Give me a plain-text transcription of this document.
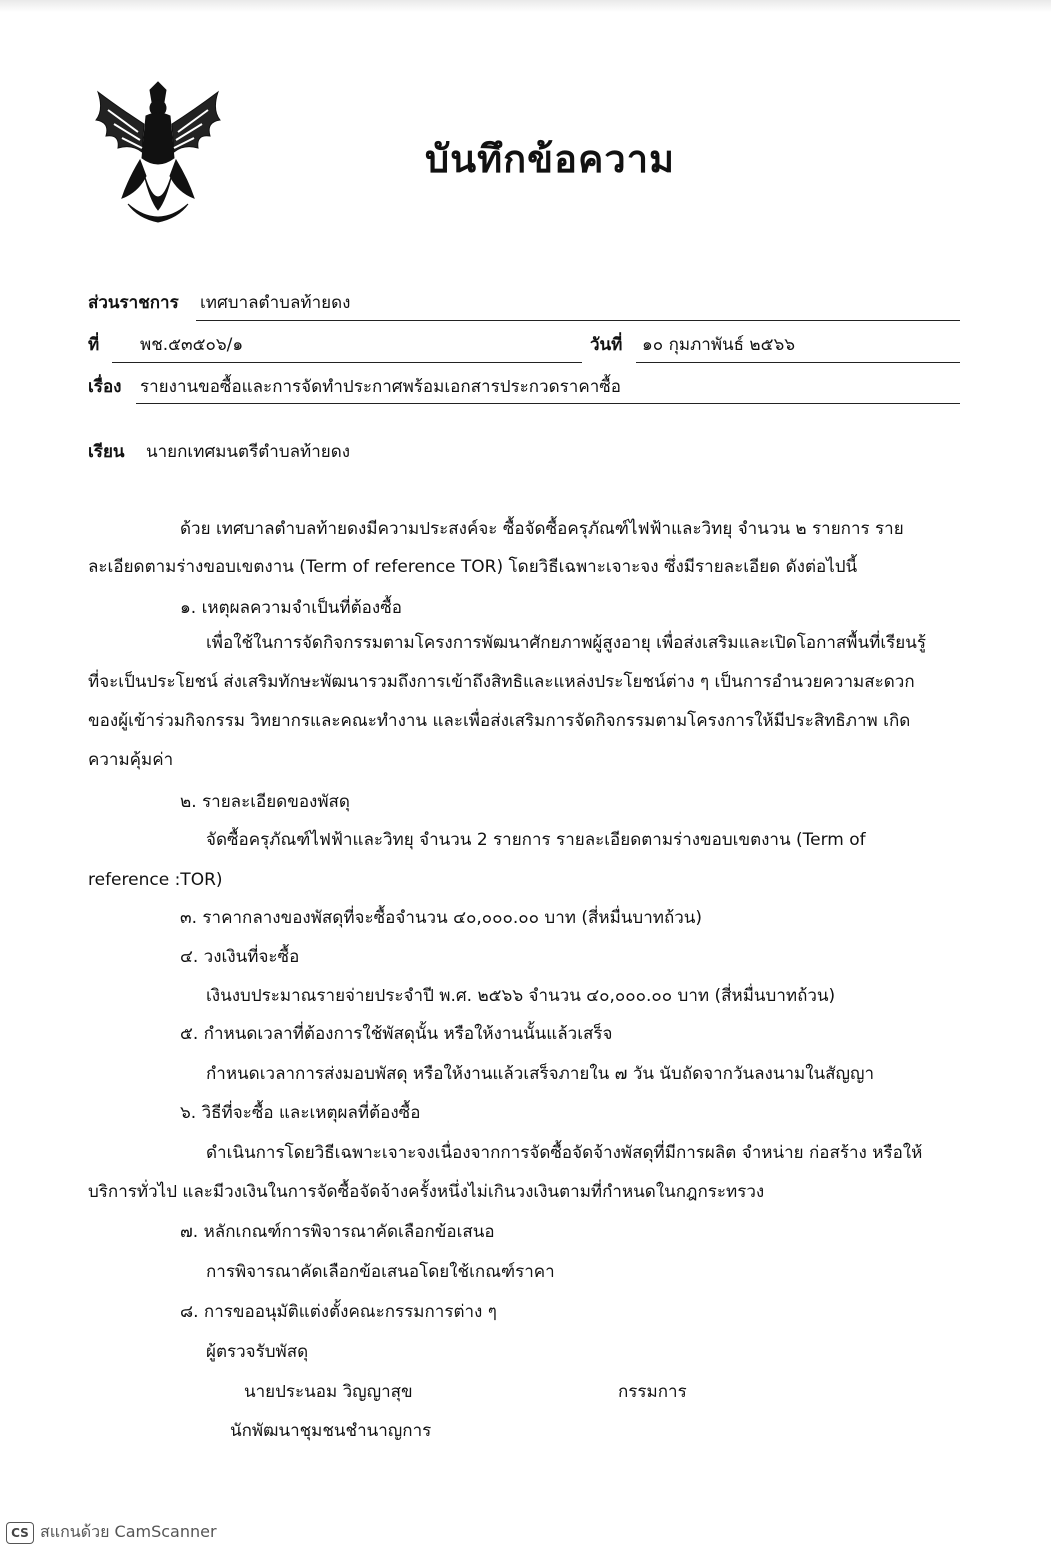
บันทึกข้อความ
ส่วนราชการ เทศบาลตำบลท้ายดง
ที่ พช.๕๓๕๐๖/๑	วันที่ ๑๐ กุมภาพันธ์ ๒๕๖๖
เรื่อง รายงานขอซื้อและการจัดทำประกาศพร้อมเอกสารประกวดราคาซื้อ
เรียน นายกเทศมนตรีตำบลท้ายดง
ด้วย เทศบาลตำบลท้ายดงมีความประสงค์จะ ซื้อจัดซื้อครุภัณฑ์ไฟฟ้าและวิทยุ จำนวน ๒ รายการ ราย
ละเอียดตามร่างขอบเขตงาน (Term of reference TOR) โดยวิธีเฉพาะเจาะจง ซึ่งมีรายละเอียด ดังต่อไปนี้
๑. เหตุผลความจำเป็นที่ต้องซื้อ
เพื่อใช้ในการจัดกิจกรรมตามโครงการพัฒนาศักยภาพผู้สูงอายุ เพื่อส่งเสริมและเปิดโอกาสพื้นที่เรียนรู้
ที่จะเป็นประโยชน์ ส่งเสริมทักษะพัฒนารวมถึงการเข้าถึงสิทธิและแหล่งประโยชน์ต่าง ๆ เป็นการอำนวยความสะดวก
ของผู้เข้าร่วมกิจกรรม วิทยากรและคณะทำงาน และเพื่อส่งเสริมการจัดกิจกรรมตามโครงการให้มีประสิทธิภาพ เกิด
ความคุ้มค่า
๒. รายละเอียดของพัสดุ
จัดซื้อครุภัณฑ์ไฟฟ้าและวิทยุ จำนวน 2 รายการ รายละเอียดตามร่างขอบเขตงาน (Term of
reference :TOR)
๓. ราคากลางของพัสดุที่จะซื้อจำนวน ๔๐,๐๐๐.๐๐ บาท (สี่หมื่นบาทถ้วน)
๔. วงเงินที่จะซื้อ
เงินงบประมาณรายจ่ายประจำปี พ.ศ. ๒๕๖๖ จำนวน ๔๐,๐๐๐.๐๐ บาท (สี่หมื่นบาทถ้วน)
๕. กำหนดเวลาที่ต้องการใช้พัสดุนั้น หรือให้งานนั้นแล้วเสร็จ
กำหนดเวลาการส่งมอบพัสดุ หรือให้งานแล้วเสร็จภายใน ๗ วัน นับถัดจากวันลงนามในสัญญา
๖. วิธีที่จะซื้อ และเหตุผลที่ต้องซื้อ
ดำเนินการโดยวิธีเฉพาะเจาะจงเนื่องจากการจัดซื้อจัดจ้างพัสดุที่มีการผลิต จำหน่าย ก่อสร้าง หรือให้
บริการทั่วไป และมีวงเงินในการจัดซื้อจัดจ้างครั้งหนึ่งไม่เกินวงเงินตามที่กำหนดในกฎกระทรวง
๗. หลักเกณฑ์การพิจารณาคัดเลือกข้อเสนอ
การพิจารณาคัดเลือกข้อเสนอโดยใช้เกณฑ์ราคา
๘. การขออนุมัติแต่งตั้งคณะกรรมการต่าง ๆ
ผู้ตรวจรับพัสดุ
นายประนอม วิญญาสุข	กรรมการ
นักพัฒนาชุมชนชำนาญการ
CS สแกนด้วย CamScanner
